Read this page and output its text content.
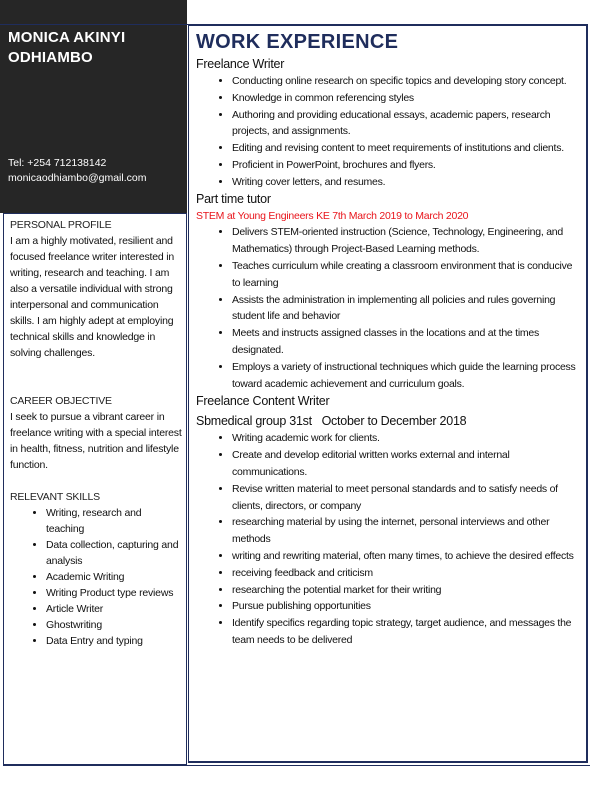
MONICA AKINYI
ODHIAMBO
Tel: +254 712138142
monicaodhiambo@gmail.com

PERSONAL PROFILE

I am a highly motivated, resilient and focused freelance writer interested in writing, research and teaching. I am also a versatile individual with strong interpersonal and communication skills. I am highly adept at employing technical skills and knowledge in solving challenges.

CAREER OBJECTIVE

I seek to pursue a vibrant career in freelance writing with a special interest in health, fitness, nutrition and lifestyle function.

RELEVANT SKILLS

• Writing, research and teaching
• Data collection, capturing and analysis
• Academic Writing
• Writing Product type reviews
• Article Writer
• Ghostwriting
• Data Entry and typing
WORK EXPERIENCE

Freelance Writer

• Conducting online research on specific topics and developing story concept.
• Knowledge in common referencing styles
• Authoring and providing educational essays, academic papers, research projects, and assignments.
• Editing and revising content to meet requirements of institutions and clients.
• Proficient in PowerPoint, brochures and flyers.
• Writing cover letters, and resumes.

Part time tutor

STEM at Young Engineers KE 7th March 2019 to March 2020

• Delivers STEM-oriented instruction (Science, Technology, Engineering, and Mathematics) through Project-Based Learning methods.
• Teaches curriculum while creating a classroom environment that is conducive to learning
• Assists the administration in implementing all policies and rules governing student life and behavior
• Meets and instructs assigned classes in the locations and at the times designated.
• Employs a variety of instructional techniques which guide the learning process toward academic achievement and curriculum goals.

Freelance Content Writer

Sbmedical group 31st   October to December 2018

• Writing academic work for clients.
• Create and develop editorial written works external and internal communications.
• Revise written material to meet personal standards and to satisfy needs of clients, directors, or company
• researching material by using the internet, personal interviews and other methods
• writing and rewriting material, often many times, to achieve the desired effects
• receiving feedback and criticism
• researching the potential market for their writing
• Pursue publishing opportunities
• Identify specifics regarding topic strategy, target audience, and messages the team needs to be delivered
